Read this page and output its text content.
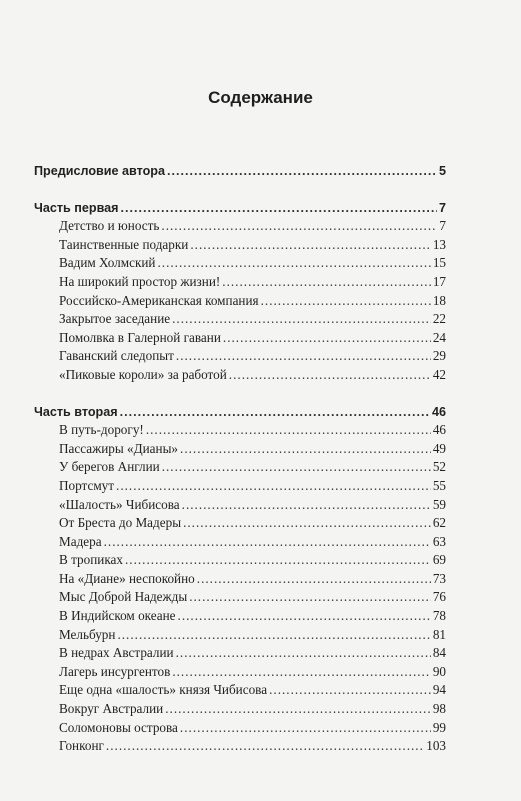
Содержание
Предисловие автора .....	5
Часть первая .....	7
Детство и юность .....	7
Таинственные подарки .....	13
Вадим Холмский .....	15
На широкий простор жизни! .....	17
Российско-Американская компания .....	18
Закрытое заседание .....	22
Помолвка в Галерной гавани .....	24
Гаванский следопыт .....	29
«Пиковые короли» за работой .....	42
Часть вторая .....	46
В путь-дорогу! .....	46
Пассажиры «Дианы» .....	49
У берегов Англии .....	52
Портсмут .....	55
«Шалость» Чибисова .....	59
От Бреста до Мадеры .....	62
Мадера .....	63
В тропиках .....	69
На «Диане» неспокойно .....	73
Мыс Доброй Надежды .....	76
В Индийском океане .....	78
Мельбурн .....	81
В недрах Австралии .....	84
Лагерь инсургентов .....	90
Еще одна «шалость» князя Чибисова .....	94
Вокруг Австралии .....	98
Соломоновы острова .....	99
Гонконг .....	103
